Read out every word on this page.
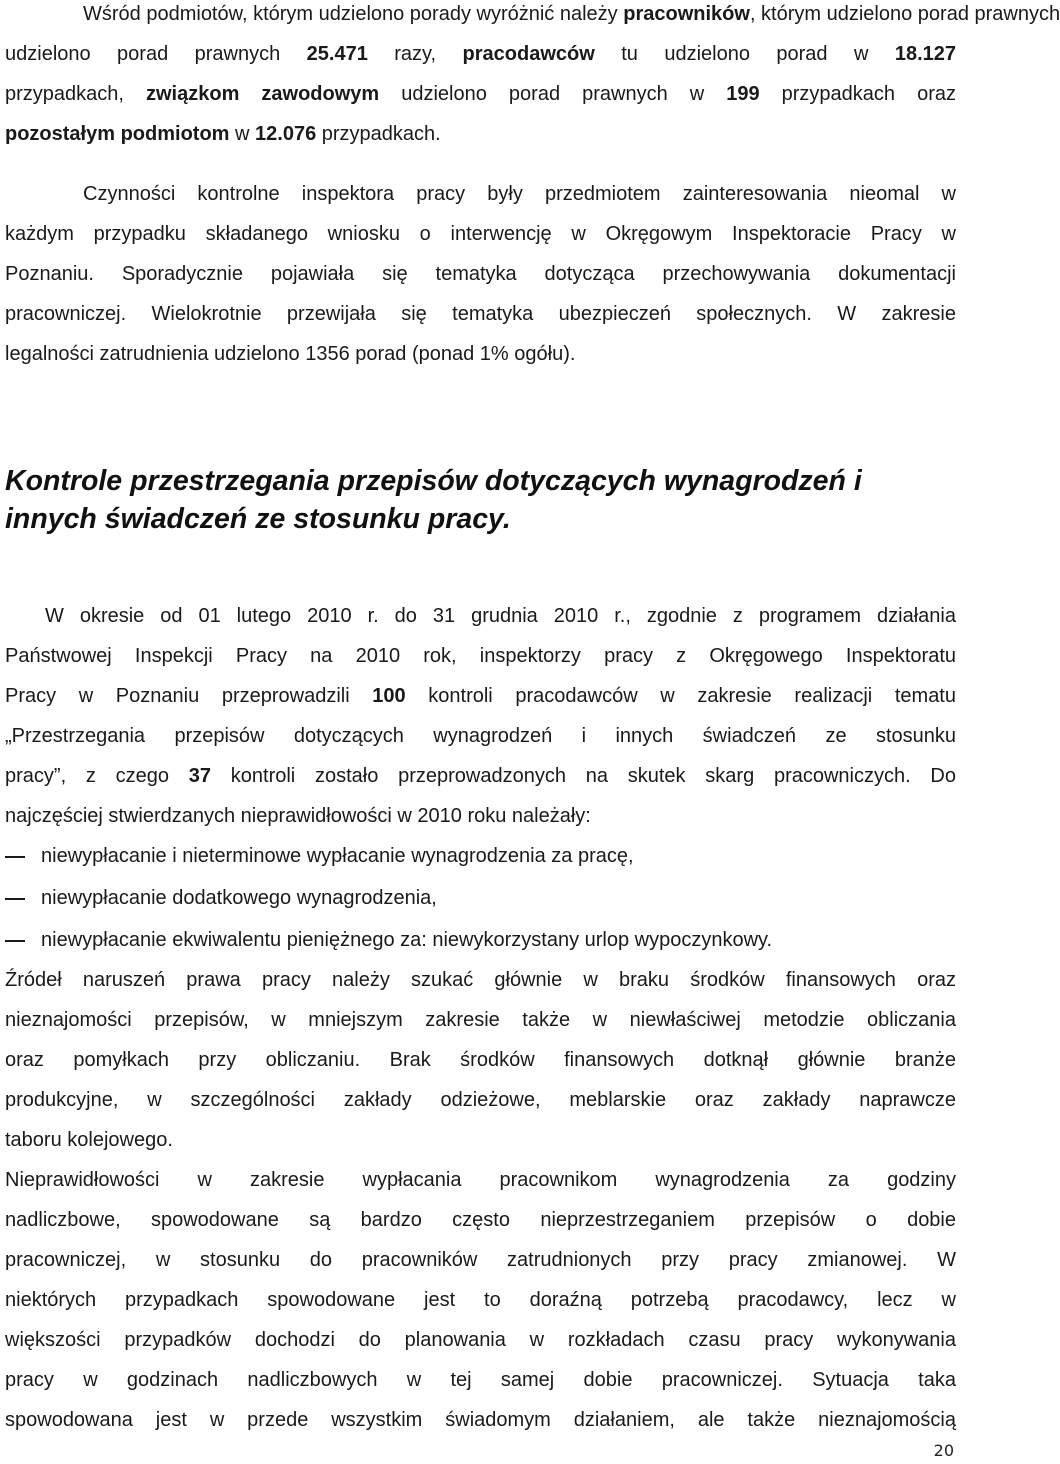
Wśród podmiotów, którym udzielono porady wyróżnić należy pracowników, którym udzielono porad prawnych
udzielono porad prawnych 25.471 razy, pracodawców tu udzielono porad w 18.127
przypadkach, związkom zawodowym udzielono porad prawnych w 199 przypadkach oraz
pozostałym podmiotom w 12.076 przypadkach.
Czynności kontrolne inspektora pracy były przedmiotem zainteresowania nieomal w
każdym przypadku składanego wniosku o interwencję w Okręgowym Inspektoracie Pracy w
Poznaniu. Sporadycznie pojawiała się tematyka dotycząca przechowywania dokumentacji
pracowniczej. Wielokrotnie przewijała się tematyka ubezpieczeń społecznych. W zakresie
legalności zatrudnienia udzielono 1356 porad (ponad 1% ogółu).
Kontrole przestrzegania przepisów dotyczących wynagrodzeń i
innych świadczeń ze stosunku pracy.
W okresie od 01 lutego 2010 r. do 31 grudnia 2010 r., zgodnie z programem działania
Państwowej Inspekcji Pracy na 2010 rok, inspektorzy pracy z Okręgowego Inspektoratu
Pracy w Poznaniu przeprowadzili 100 kontroli pracodawców w zakresie realizacji tematu
„Przestrzegania przepisów dotyczących wynagrodzeń i innych świadczeń ze stosunku
pracy”, z czego 37 kontroli zostało przeprowadzonych na skutek skarg pracowniczych. Do
najczęściej stwierdzanych nieprawidłowości w 2010 roku należały:
niewypłacanie i nieterminowe wypłacanie wynagrodzenia za pracę,
niewypłacanie dodatkowego wynagrodzenia,
niewypłacanie ekwiwalentu pieniężnego za: niewykorzystany urlop wypoczynkowy.
Źródeł naruszeń prawa pracy należy szukać głównie w braku środków finansowych oraz
nieznajomości przepisów, w mniejszym zakresie także w niewłaściwej metodzie obliczania
oraz pomyłkach przy obliczaniu. Brak środków finansowych dotknął głównie branże
produkcyjne, w szczególności zakłady odzieżowe, meblarskie oraz zakłady naprawcze
taboru kolejowego.
Nieprawidłowości w zakresie wypłacania pracownikom wynagrodzenia za godziny
nadliczbowe, spowodowane są bardzo często nieprzestrzeganiem przepisów o dobie
pracowniczej, w stosunku do pracowników zatrudnionych przy pracy zmianowej. W
niektórych przypadkach spowodowane jest to doraźną potrzebą pracodawcy, lecz w
większości przypadków dochodzi do planowania w rozkładach czasu pracy wykonywania
pracy w godzinach nadliczbowych w tej samej dobie pracowniczej. Sytuacja taka
spowodowana jest w przede wszystkim świadomym działaniem, ale także nieznajomością
20
